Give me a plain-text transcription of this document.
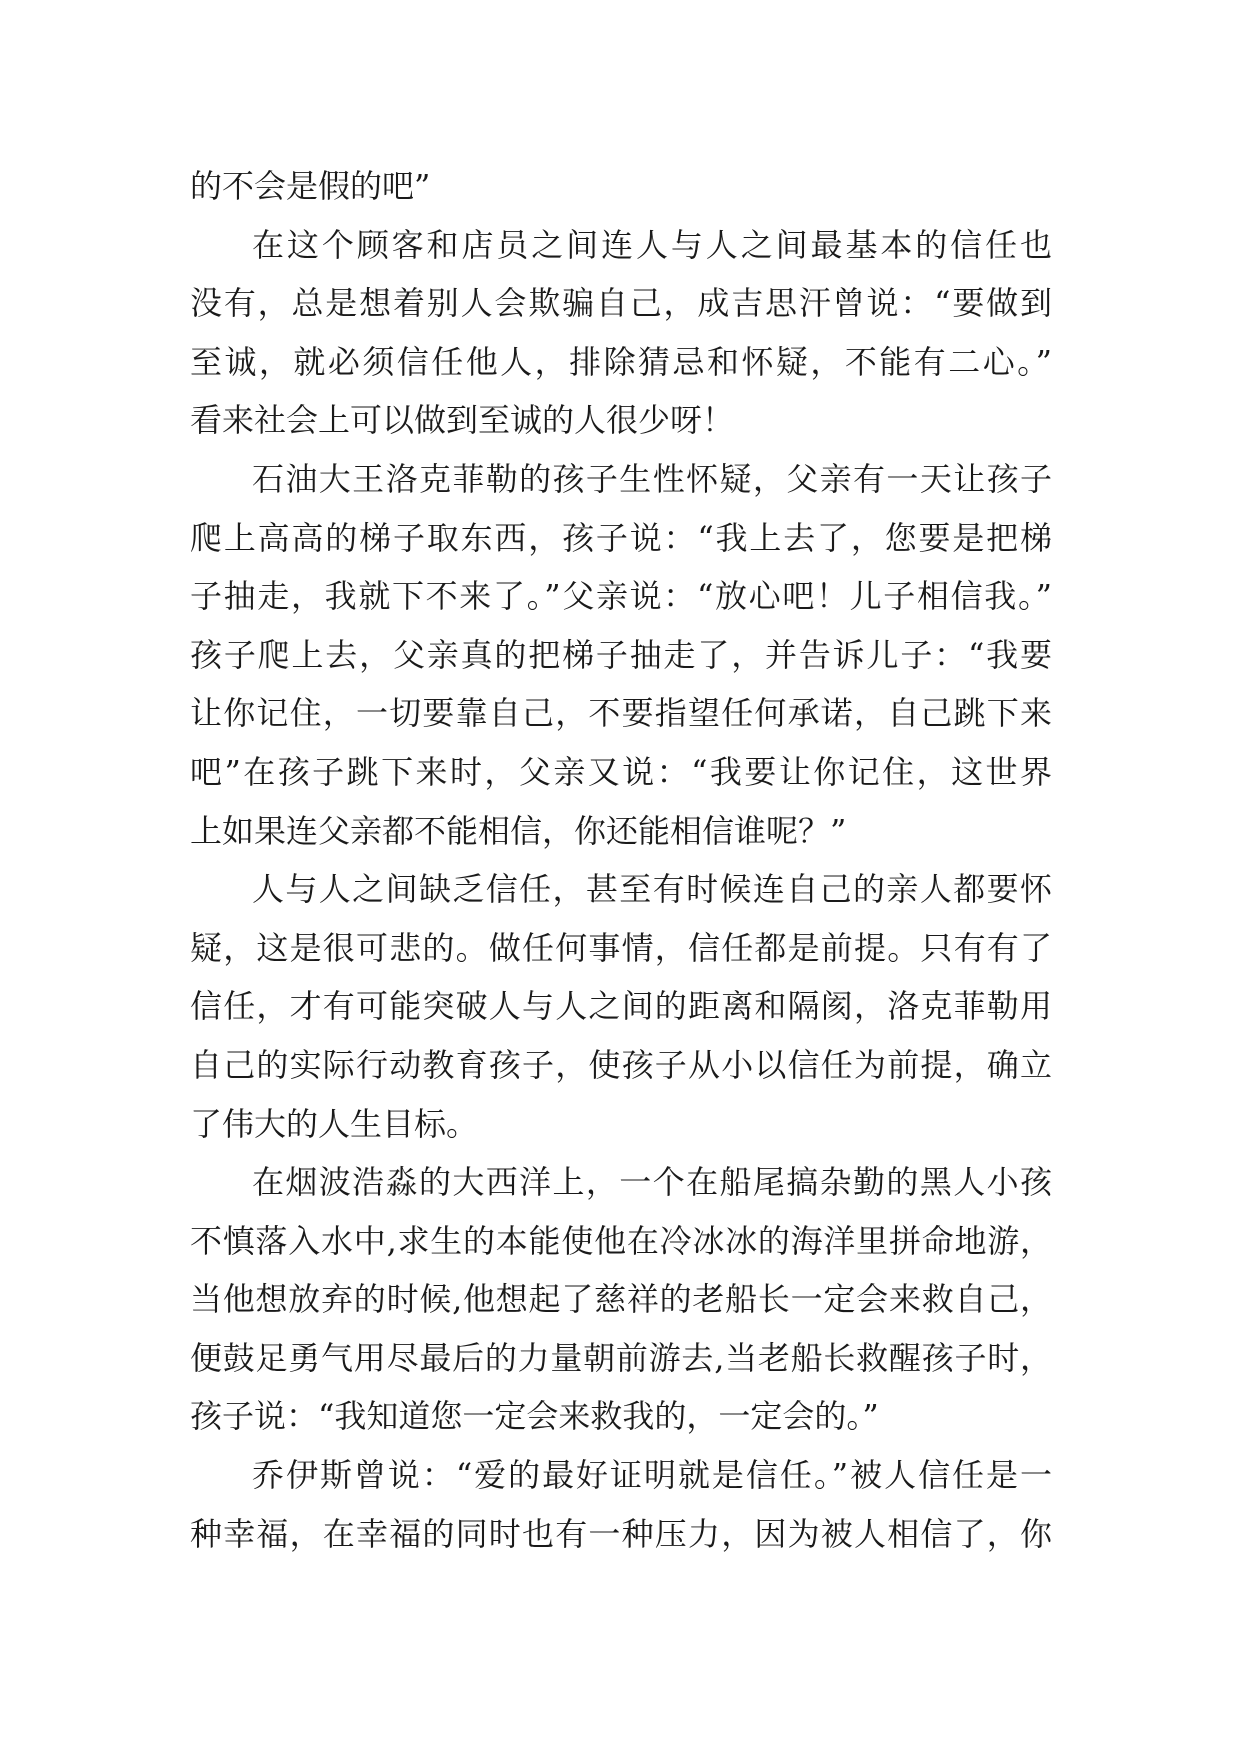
的不会是假的吧”
在这个顾客和店员之间连人与人之间最基本的信任也
没有，总是想着别人会欺骗自己，成吉思汗曾说：“要做到
至诚，就必须信任他人，排除猜忌和怀疑，不能有二心。”
看来社会上可以做到至诚的人很少呀！
石油大王洛克菲勒的孩子生性怀疑，父亲有一天让孩子
爬上高高的梯子取东西，孩子说：“我上去了，您要是把梯
子抽走，我就下不来了。”父亲说：“放心吧！儿子相信我。”
孩子爬上去，父亲真的把梯子抽走了，并告诉儿子：“我要
让你记住，一切要靠自己，不要指望任何承诺，自己跳下来
吧”在孩子跳下来时，父亲又说：“我要让你记住，这世界
上如果连父亲都不能相信，你还能相信谁呢？”
人与人之间缺乏信任，甚至有时候连自己的亲人都要怀
疑，这是很可悲的。做任何事情，信任都是前提。只有有了
信任，才有可能突破人与人之间的距离和隔阂，洛克菲勒用
自己的实际行动教育孩子，使孩子从小以信任为前提，确立
了伟大的人生目标。
在烟波浩淼的大西洋上，一个在船尾搞杂勤的黑人小孩
不慎落入水中,求生的本能使他在冷冰冰的海洋里拼命地游，
当他想放弃的时候,他想起了慈祥的老船长一定会来救自己，
便鼓足勇气用尽最后的力量朝前游去,当老船长救醒孩子时，
孩子说：“我知道您一定会来救我的，一定会的。”
乔伊斯曾说：“爱的最好证明就是信任。”被人信任是一
种幸福，在幸福的同时也有一种压力，因为被人相信了，你
